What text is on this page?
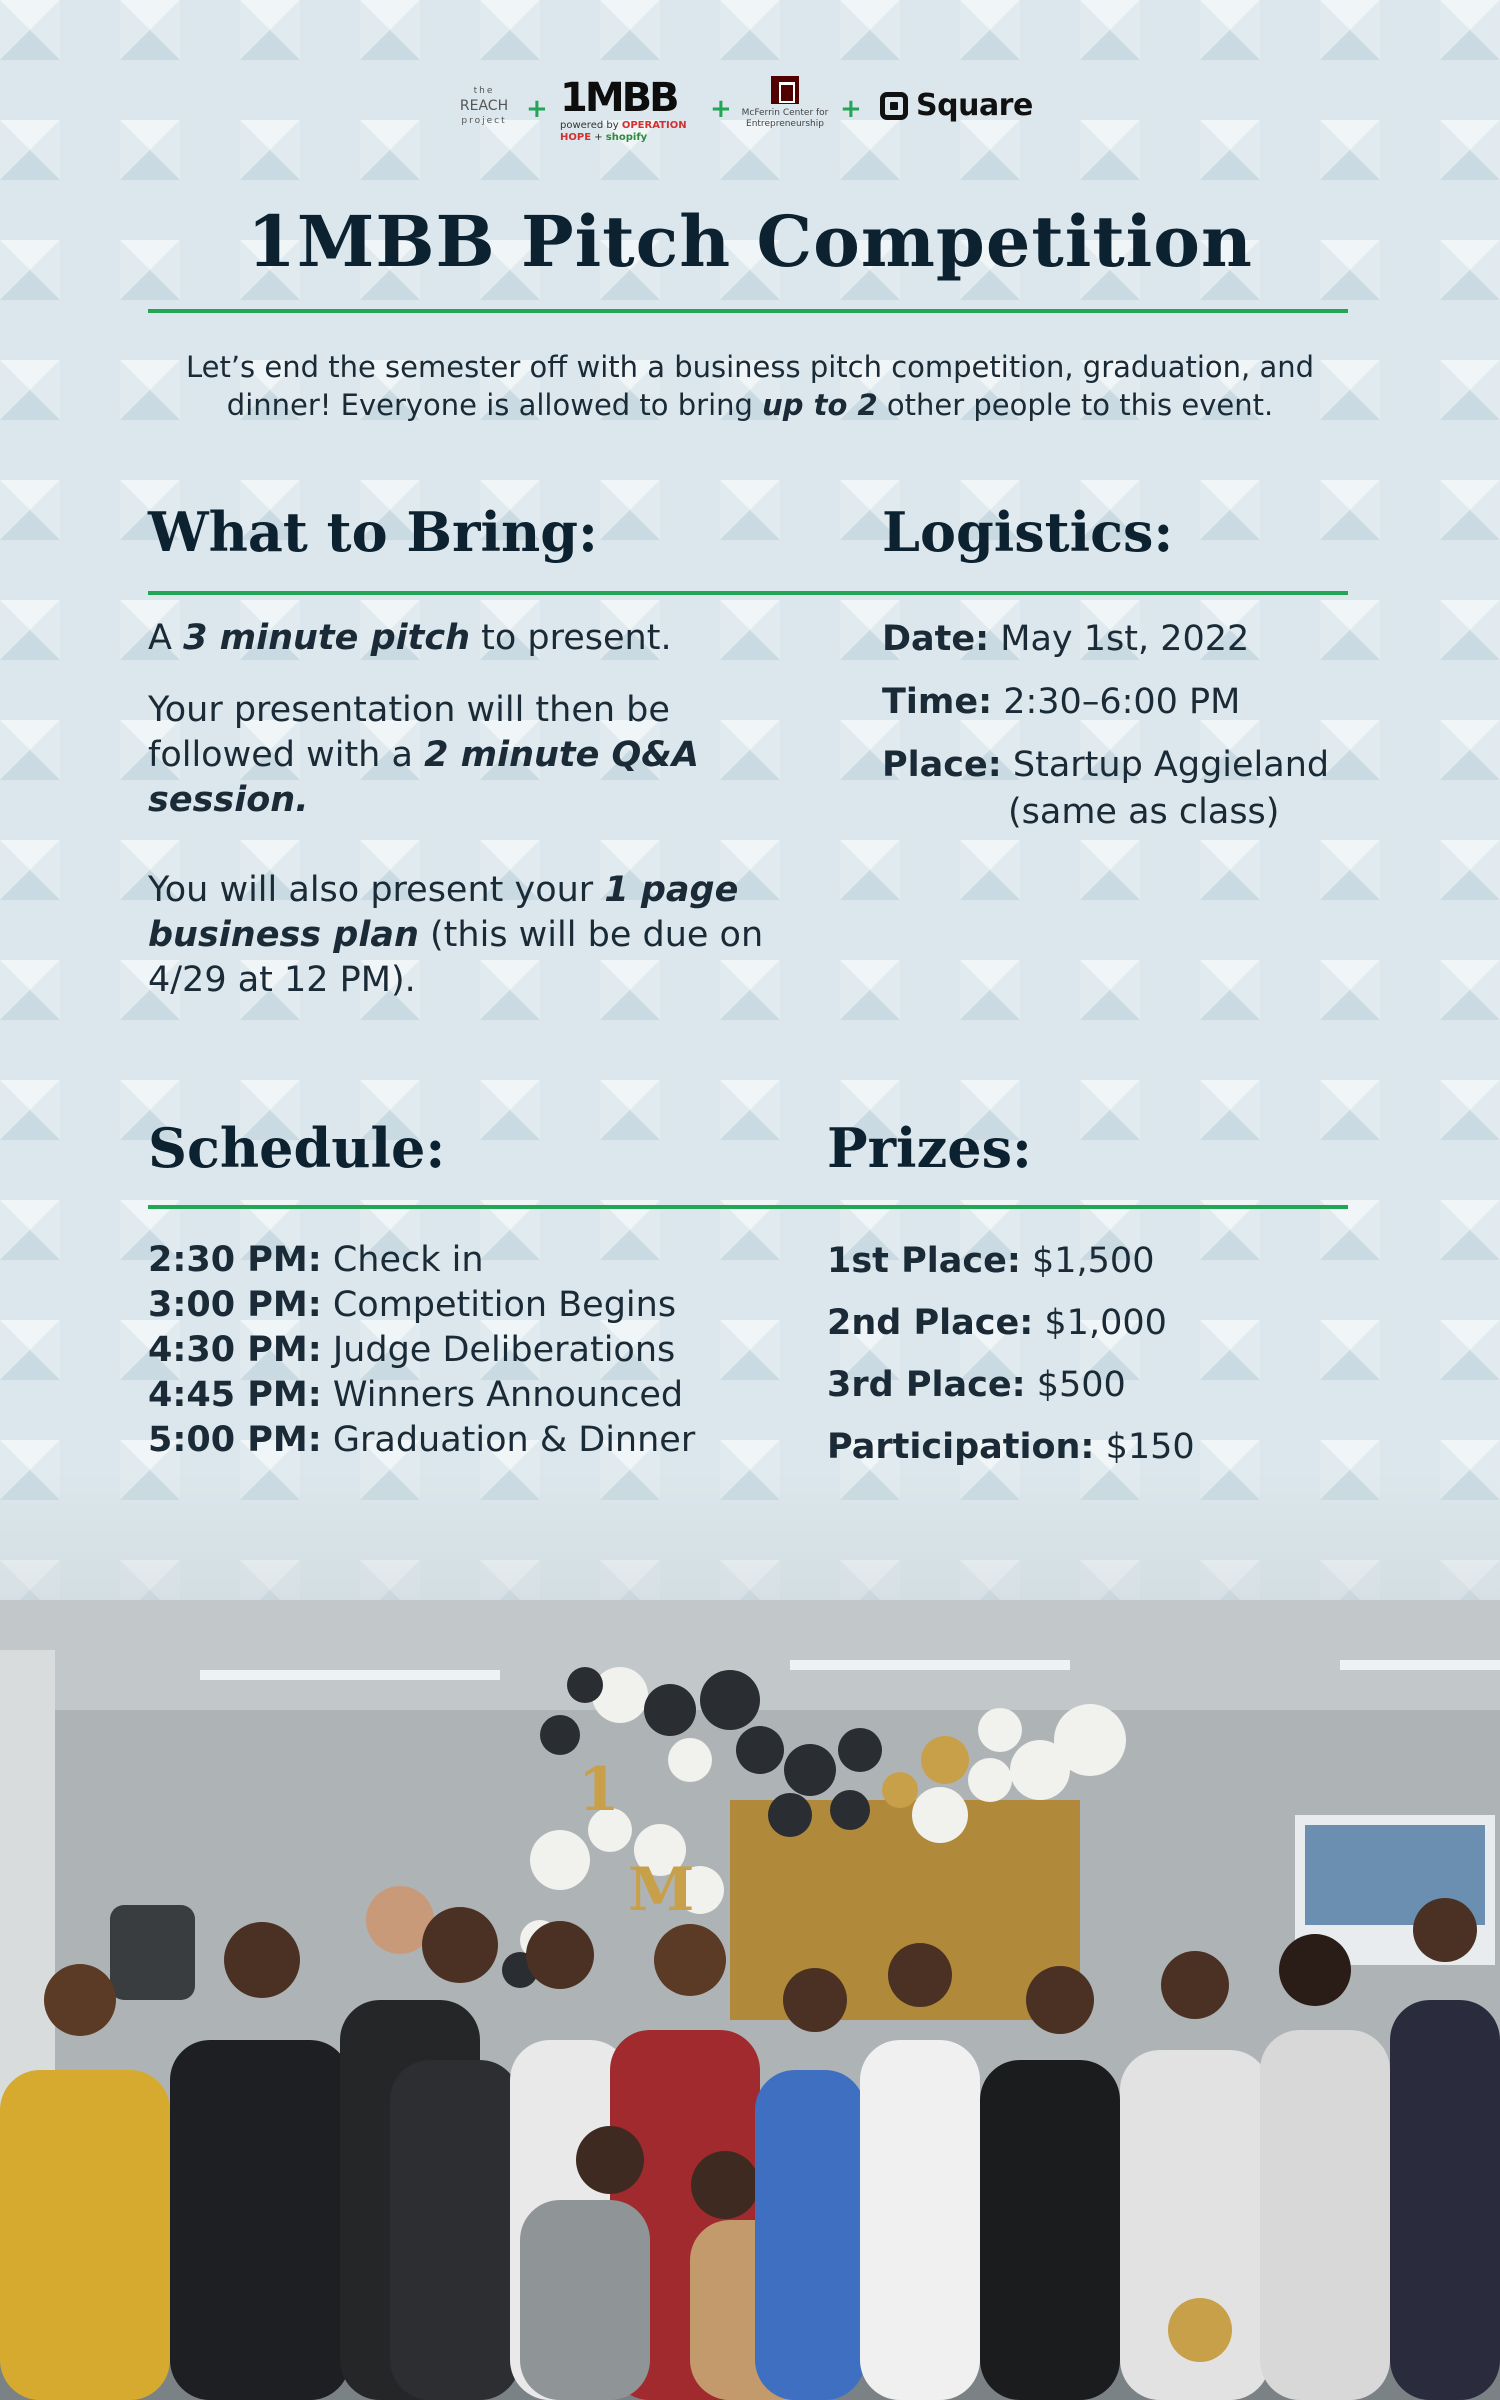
the
REACH
project + 1MBB
powered by OPERATION HOPE + shopify
+ McFerrin Center for Entrepreneurship + Square
1MBB Pitch Competition
Let’s end the semester off with a business pitch competition, graduation, and
dinner! Everyone is allowed to bring up to 2 other people to this event.
What to Bring:	Logistics:

A 3 minute pitch to present.

Your presentation will then be followed with a 2 minute Q&A session.

You will also present your 1 page business plan (this will be due on 4/29 at 12 PM).

Date: May 1st, 2022
Time: 2:30–6:00 PM
Place: Startup Aggieland
(same as class)
Schedule:	Prizes:
2:30 PM: Check in
3:00 PM: Competition Begins
4:30 PM: Judge Deliberations
4:45 PM: Winners Announced
5:00 PM: Graduation & Dinner
1st Place: $1,500
2nd Place: $1,000
3rd Place: $500
Participation: $150
1
M
